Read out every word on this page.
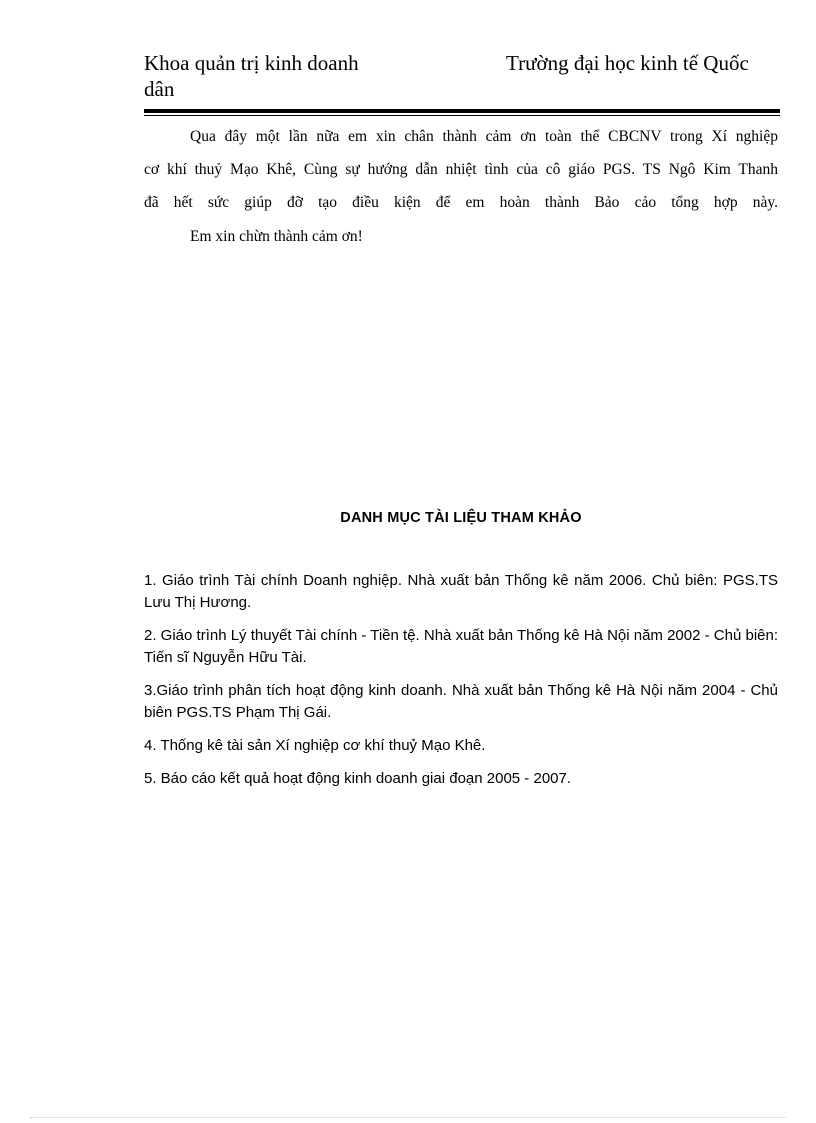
Khoa quản trị kinh doanh	Trường đại học kinh tế Quốc
dân

Qua đây một lần nữa em xin chân thành cảm ơn toàn thể CBCNV trong Xí nghiệp

cơ khí thuỷ Mạo Khê, Cùng sự hướng dẫn nhiệt tình của cô giáo PGS. TS Ngô Kim Thanh

đã hết sức giúp đỡ tạo điều kiện để em hoàn thành Bảo cảo tổng hợp này.

Em xin chừn thành cảm ơn!
DANH MỤC TÀI LIỆU THAM KHẢO

1. Giáo trình Tài chính Doanh nghiệp. Nhà xuất bản Thống kê năm 2006. Chủ biên: PGS.TS Lưu Thị Hương.

2. Giáo trình Lý thuyết Tài chính - Tiền tệ. Nhà xuất bản Thống kê Hà Nội năm 2002 - Chủ biên: Tiến sĩ Nguyễn Hữu Tài.

3.Giáo trình phân tích hoạt động kinh doanh. Nhà xuất bản Thống kê Hà Nội năm 2004 - Chủ biên PGS.TS Phạm Thị Gái.

4. Thống kê tài sản Xí nghiệp cơ khí thuỷ Mạo Khê.

5. Báo cáo kết quả hoạt động kinh doanh giai đoạn 2005 - 2007.
